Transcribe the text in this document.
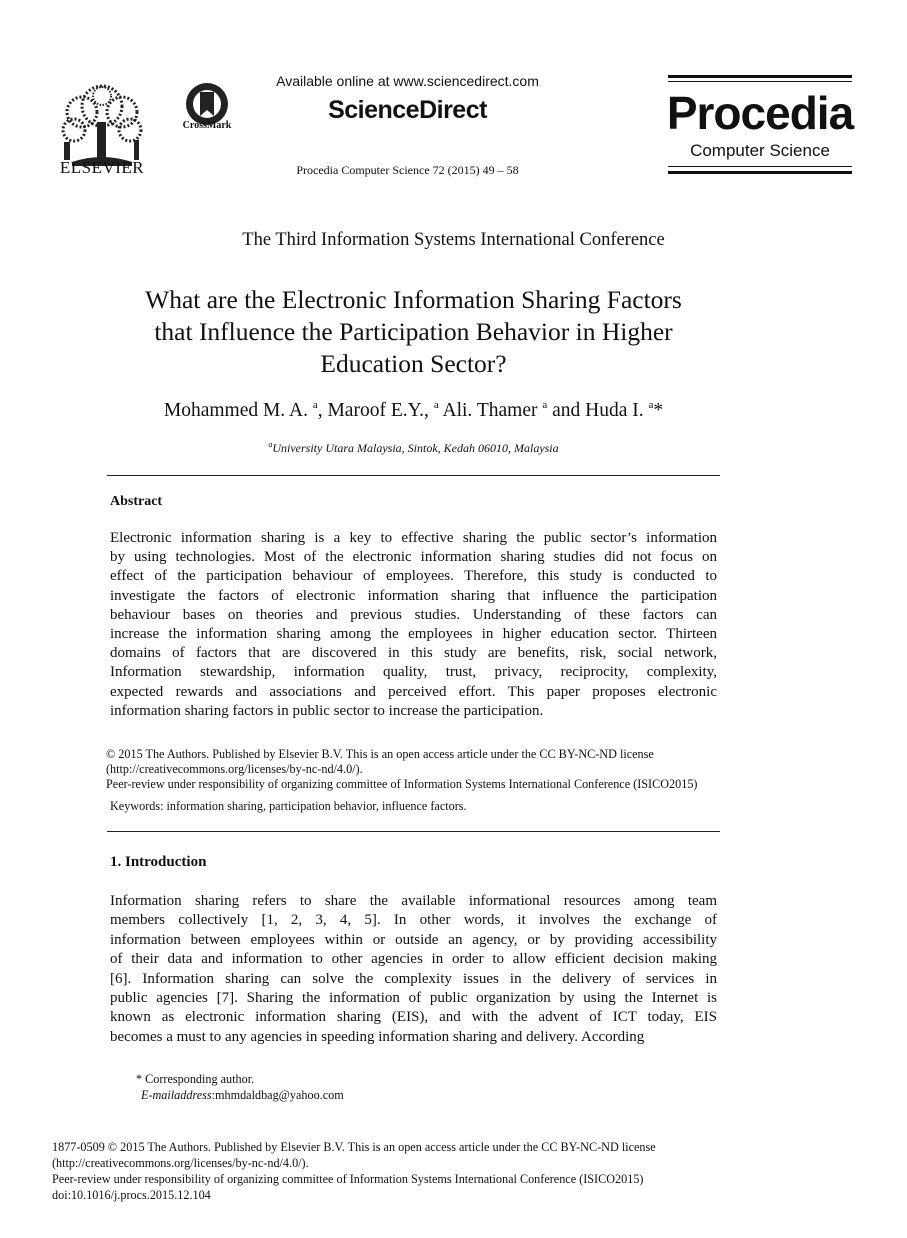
ELSEVIER
CrossMark
Available online at www.sciencedirect.com
ScienceDirect
Procedia Computer Science 72 (2015) 49 – 58
Procedia
Computer Science
The Third Information Systems International Conference
What are the Electronic Information Sharing Factors
that Influence the Participation Behavior in Higher
Education Sector?
Mohammed M. A. $^a$, Maroof E.Y., $^a$ Ali. Thamer $^a$ and Huda I. $^a$*
$^a$University Utara Malaysia, Sintok, Kedah 06010, Malaysia
Abstract
Electronic information sharing is a key to effective sharing the public sector’s information
by using technologies. Most of the electronic information sharing studies did not focus on
effect of the participation behaviour of employees. Therefore, this study is conducted to
investigate the factors of electronic information sharing that influence the participation
behaviour bases on theories and previous studies. Understanding of these factors can
increase the information sharing among the employees in higher education sector. Thirteen
domains of factors that are discovered in this study are benefits, risk, social network,
Information stewardship, information quality, trust, privacy, reciprocity, complexity,
expected rewards and associations and perceived effort. This paper proposes electronic
information sharing factors in public sector to increase the participation.
© 2015 The Authors. Published by Elsevier B.V. This is an open access article under the CC BY-NC-ND license
(http://creativecommons.org/licenses/by-nc-nd/4.0/).
Peer-review under responsibility of organizing committee of Information Systems International Conference (ISICO2015)
Keywords: information sharing, participation behavior, influence factors.
1. Introduction
Information sharing refers to share the available informational resources among team
members collectively [1, 2, 3, 4, 5]. In other words, it involves the exchange of
information between employees within or outside an agency, or by providing accessibility
of their data and information to other agencies in order to allow efficient decision making
[6]. Information sharing can solve the complexity issues in the delivery of services in
public agencies [7]. Sharing the information of public organization by using the Internet is
known as electronic information sharing (EIS), and with the advent of ICT today, EIS
becomes a must to any agencies in speeding information sharing and delivery. According
* Corresponding author.
E-mailaddress:mhmdaldbag@yahoo.com
1877-0509 © 2015 The Authors. Published by Elsevier B.V. This is an open access article under the CC BY-NC-ND license
(http://creativecommons.org/licenses/by-nc-nd/4.0/).
Peer-review under responsibility of organizing committee of Information Systems International Conference (ISICO2015)
doi:10.1016/j.procs.2015.12.104
